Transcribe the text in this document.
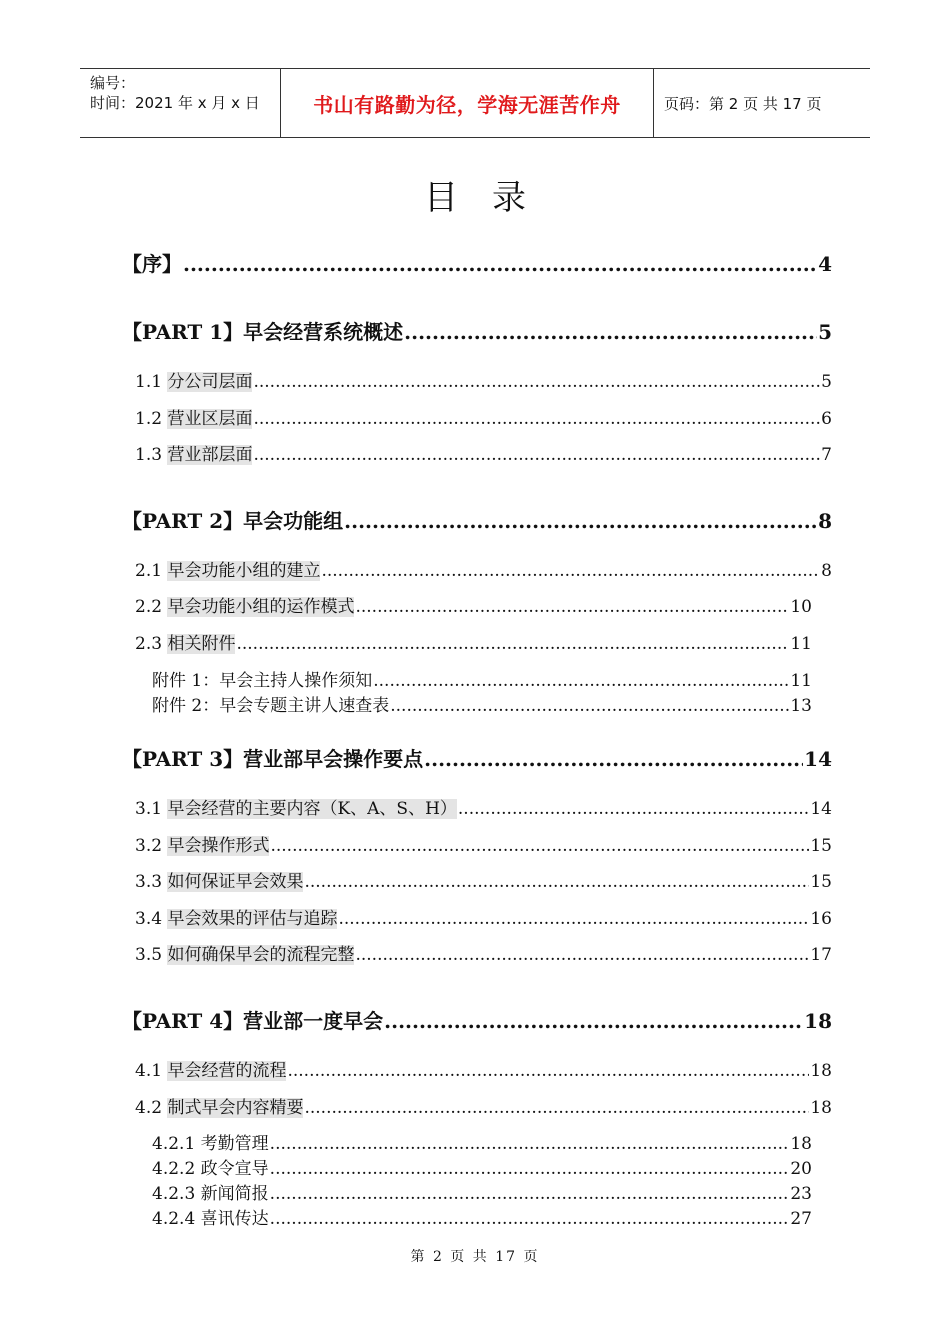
编号：
时间：2021 年 x 月 x 日	书山有路勤为径，学海无涯苦作舟	页码：第 2 页 共 17 页
目录
【序】 .....	4
【PART 1】早会经营系统概述 .....	5
1.1 分公司层面 .....	5
1.2 营业区层面 .....	6
1.3 营业部层面 .....	7
【PART 2】早会功能组 .....	8
2.1 早会功能小组的建立 .....	8
2.2 早会功能小组的运作模式 .....	10
2.3 相关附件 .....	11
附件 1：早会主持人操作须知 .....	11
附件 2：早会专题主讲人速查表 .....	13
【PART 3】营业部早会操作要点 .....	14
3.1 早会经营的主要内容（K、A、S、H） .....	14
3.2 早会操作形式 .....	15
3.3 如何保证早会效果 .....	15
3.4 早会效果的评估与追踪 .....	16
3.5 如何确保早会的流程完整 .....	17
【PART 4】营业部一度早会 .....	18
4.1 早会经营的流程 .....	18
4.2 制式早会内容精要 .....	18
4.2.1 考勤管理 .....	18
4.2.2 政令宣导 .....	20
4.2.3 新闻简报 .....	23
4.2.4 喜讯传达 .....	27
第 2 页 共 17 页
